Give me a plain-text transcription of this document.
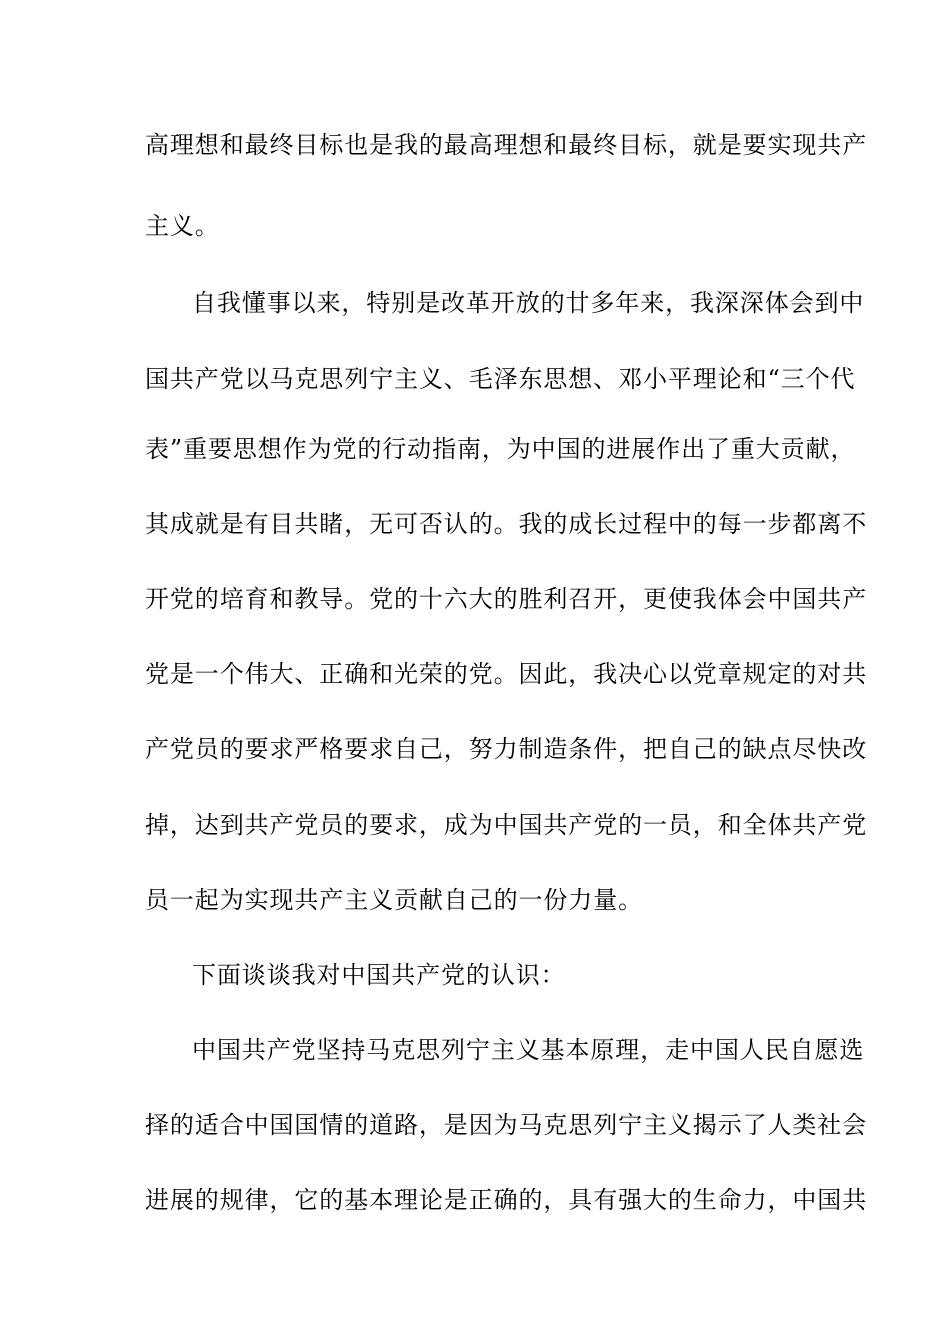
高理想和最终目标也是我的最高理想和最终目标，就是要实现共产
主义。
自我懂事以来，特别是改革开放的廿多年来，我深深体会到中
国共产党以马克思列宁主义、毛泽东思想、邓小平理论和“三个代
表”重要思想作为党的行动指南，为中国的进展作出了重大贡献，
其成就是有目共睹，无可否认的。我的成长过程中的每一步都离不
开党的培育和教导。党的十六大的胜利召开，更使我体会中国共产
党是一个伟大、正确和光荣的党。因此，我决心以党章规定的对共
产党员的要求严格要求自己，努力制造条件，把自己的缺点尽快改
掉，达到共产党员的要求，成为中国共产党的一员，和全体共产党
员一起为实现共产主义贡献自己的一份力量。
下面谈谈我对中国共产党的认识：
中国共产党坚持马克思列宁主义基本原理，走中国人民自愿选
择的适合中国国情的道路，是因为马克思列宁主义揭示了人类社会
进展的规律，它的基本理论是正确的，具有强大的生命力，中国共
